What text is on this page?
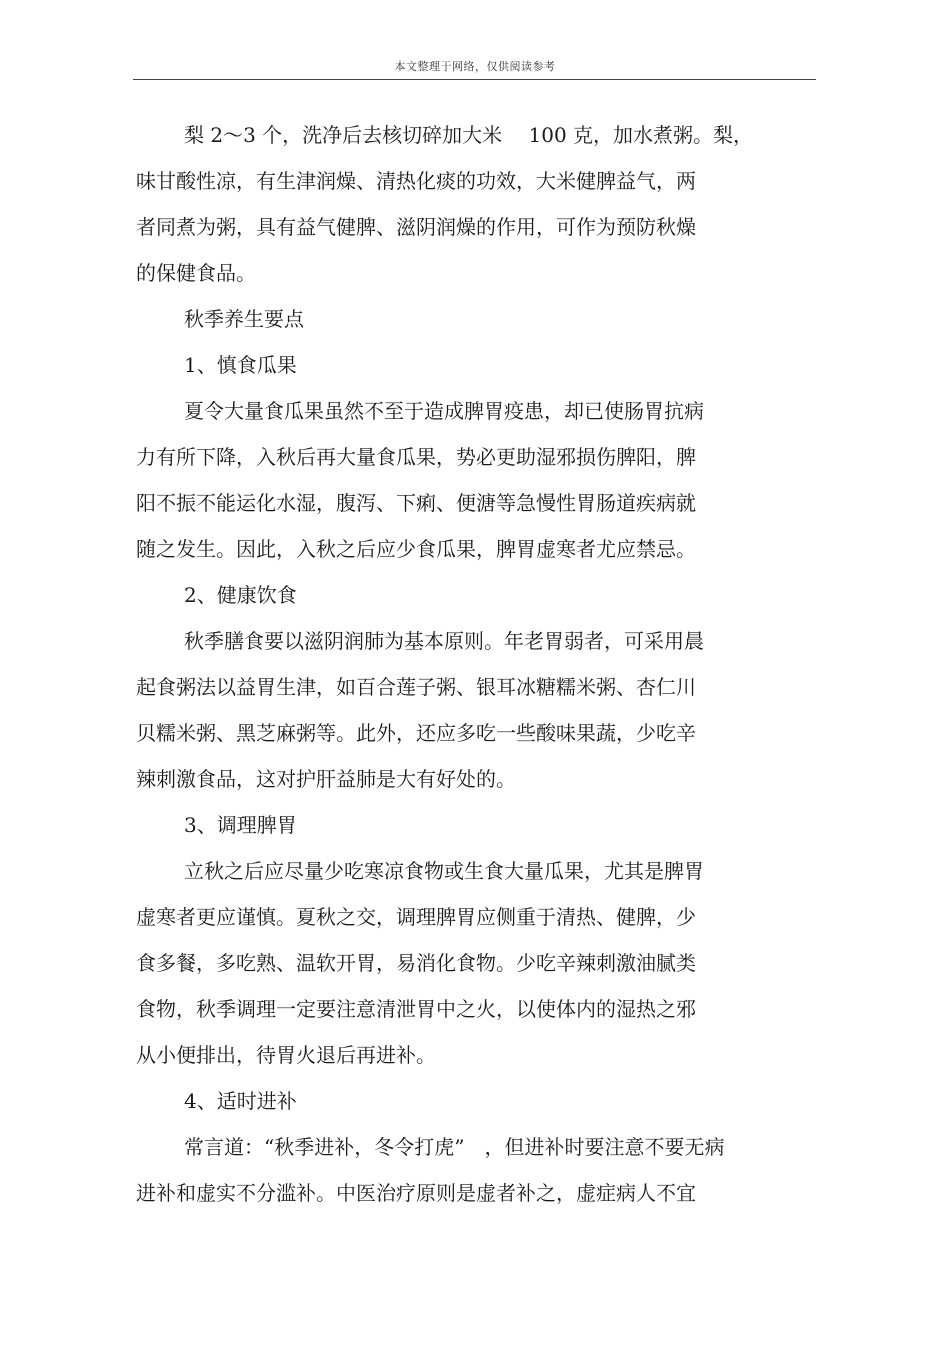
本文整理于网络，仅供阅读参考
梨 2～3 个，洗净后去核切碎加大米　 100 克，加水煮粥。梨，
味甘酸性凉，有生津润燥、清热化痰的功效，大米健脾益气，两
者同煮为粥，具有益气健脾、滋阴润燥的作用，可作为预防秋燥
的保健食品。
秋季养生要点
1、慎食瓜果
夏令大量食瓜果虽然不至于造成脾胃疫患，却已使肠胃抗病
力有所下降，入秋后再大量食瓜果，势必更助湿邪损伤脾阳，脾
阳不振不能运化水湿，腹泻、下痢、便溏等急慢性胃肠道疾病就
随之发生。因此，入秋之后应少食瓜果，脾胃虚寒者尤应禁忌。
2、健康饮食
秋季膳食要以滋阴润肺为基本原则。年老胃弱者，可采用晨
起食粥法以益胃生津，如百合莲子粥、银耳冰糖糯米粥、杏仁川
贝糯米粥、黑芝麻粥等。此外，还应多吃一些酸味果蔬，少吃辛
辣刺激食品，这对护肝益肺是大有好处的。
3、调理脾胃
立秋之后应尽量少吃寒凉食物或生食大量瓜果，尤其是脾胃
虚寒者更应谨慎。夏秋之交，调理脾胃应侧重于清热、健脾，少
食多餐，多吃熟、温软开胃，易消化食物。少吃辛辣刺激油腻类
食物，秋季调理一定要注意清泄胃中之火，以使体内的湿热之邪
从小便排出，待胃火退后再进补。
4、适时进补
常言道：“秋季进补，冬令打虎”　，但进补时要注意不要无病
进补和虚实不分滥补。中医治疗原则是虚者补之，虚症病人不宜
